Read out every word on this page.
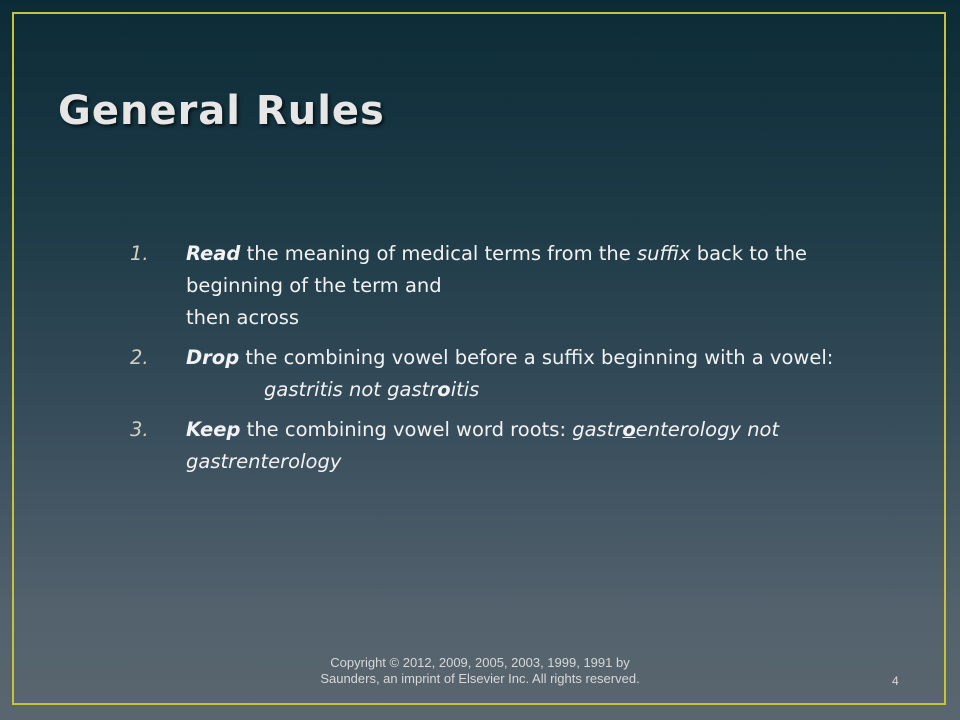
General Rules
1. Read the meaning of medical terms from the suffix back to the beginning of the term and
then across
2. Drop the combining vowel before a suffix beginning with a vowel:gastritis not gastroitis
3. Keep the combining vowel word roots: gastroenterology not gastrenterology
Copyright © 2012, 2009, 2005, 2003, 1999, 1991 by Saunders, an imprint of Elsevier Inc. All rights reserved.	4
